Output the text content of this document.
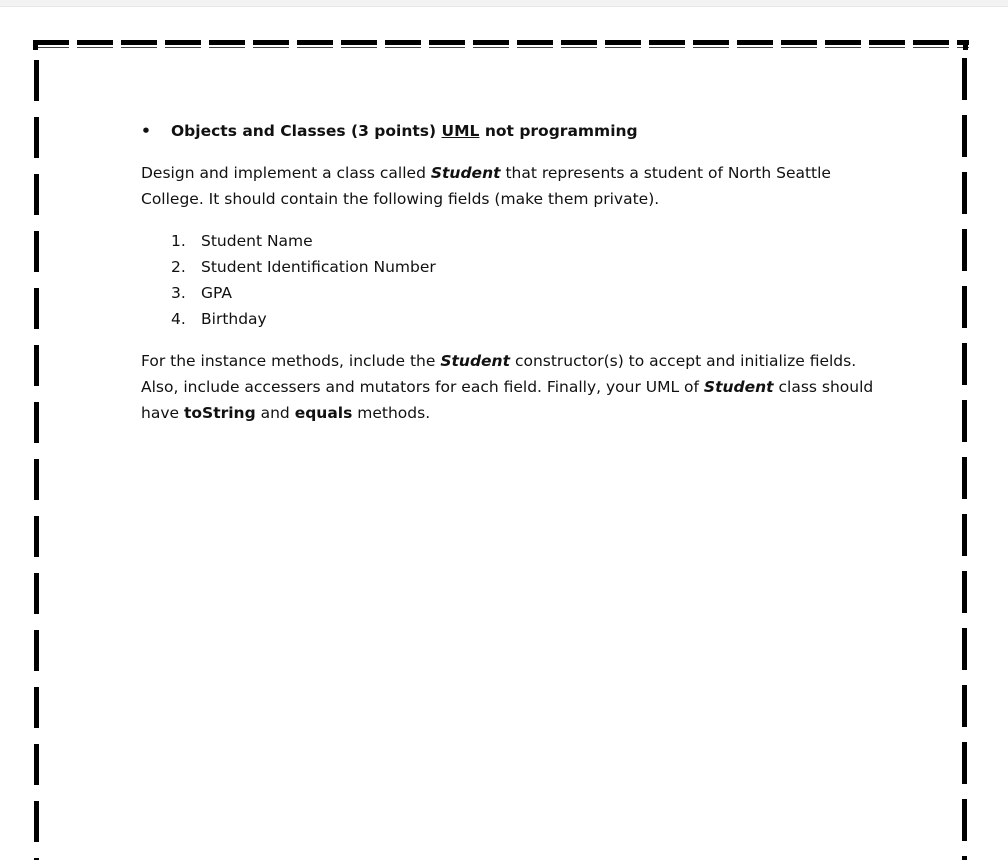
• Objects and Classes (3 points) UML not programming

Design and implement a class called Student that represents a student of North Seattle College. It should contain the following fields (make them private).

1. Student Name
2. Student Identification Number
3. GPA
4. Birthday

For the instance methods, include the Student constructor(s) to accept and initialize fields. Also, include accessers and mutators for each field. Finally, your UML of Student class should have toString and equals methods.
